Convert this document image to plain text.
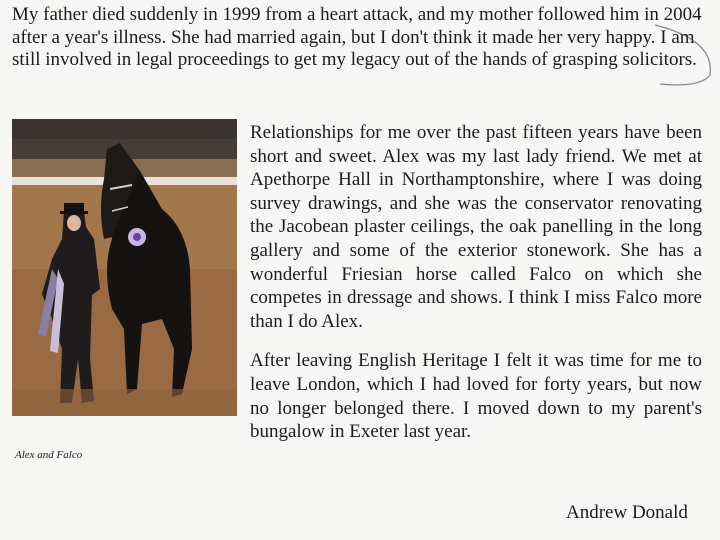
My father died suddenly in 1999 from a heart attack, and my mother followed him in 2004 after a year's illness. She had married again, but I don't think it made her very happy. I am still involved in legal proceedings to get my legacy out of the hands of grasping solicitors.

Alex and Falco

Relationships for me over the past fifteen years have been short and sweet. Alex was my last lady friend. We met at Apethorpe Hall in Northamptonshire, where I was doing survey drawings, and she was the conservator renovating the Jacobean plaster ceilings, the oak panelling in the long gallery and some of the exterior stonework. She has a wonderful Friesian horse called Falco on which she competes in dressage and shows. I think I miss Falco more than I do Alex.

After leaving English Heritage I felt it was time for me to leave London, which I had loved for forty years, but now no longer belonged there. I moved down to my parent's bungalow in Exeter last year.

Andrew Donald
